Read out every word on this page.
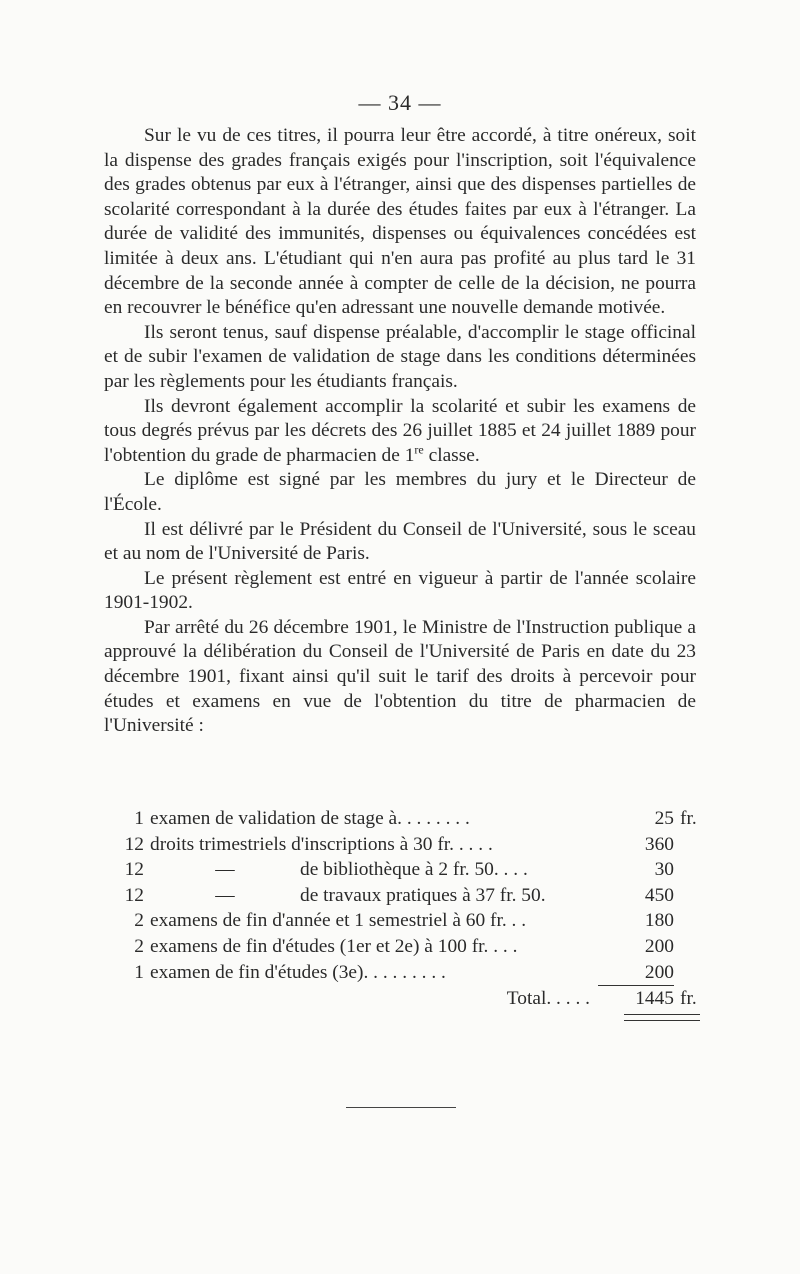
— 34 —

Sur le vu de ces titres, il pourra leur être accordé, à titre onéreux, soit la dispense des grades français exigés pour l'inscription, soit l'équivalence des grades obtenus par eux à l'étranger, ainsi que des dispenses partielles de scolarité correspondant à la durée des études faites par eux à l'étranger. La durée de validité des immunités, dispenses ou équivalences concédées est limitée à deux ans. L'étudiant qui n'en aura pas profité au plus tard le 31 décembre de la seconde année à compter de celle de la décision, ne pourra en recouvrer le bénéfice qu'en adressant une nouvelle demande motivée.

Ils seront tenus, sauf dispense préalable, d'accomplir le stage officinal et de subir l'examen de validation de stage dans les conditions déterminées par les règlements pour les étudiants français.

Ils devront également accomplir la scolarité et subir les examens de tous degrés prévus par les décrets des 26 juillet 1885 et 24 juillet 1889 pour l'obtention du grade de pharmacien de 1re classe.

Le diplôme est signé par les membres du jury et le Directeur de l'École.

Il est délivré par le Président du Conseil de l'Université, sous le sceau et au nom de l'Université de Paris.

Le présent règlement est entré en vigueur à partir de l'année scolaire 1901-1902.

Par arrêté du 26 décembre 1901, le Ministre de l'Instruction publique a approuvé la délibération du Conseil de l'Université de Paris en date du 23 décembre 1901, fixant ainsi qu'il suit le tarif des droits à percevoir pour études et examens en vue de l'obtention du titre de pharmacien de l'Université :

1 examen de validation de stage à. . . . . . . .	25 fr.
12 droits trimestriels d'inscriptions à 30 fr. . . . .	360
12	—	de bibliothèque à 2 fr. 50. . . .	30
12	—	de travaux pratiques à 37 fr. 50.	450
2 examens de fin d'année et 1 semestriel à 60 fr. . .	180
2 examens de fin d'études (1er et 2e) à 100 fr. . . .	200
1 examen de fin d'études (3e). . . . . . . . .	200
Total. . . . .	1445 fr.
